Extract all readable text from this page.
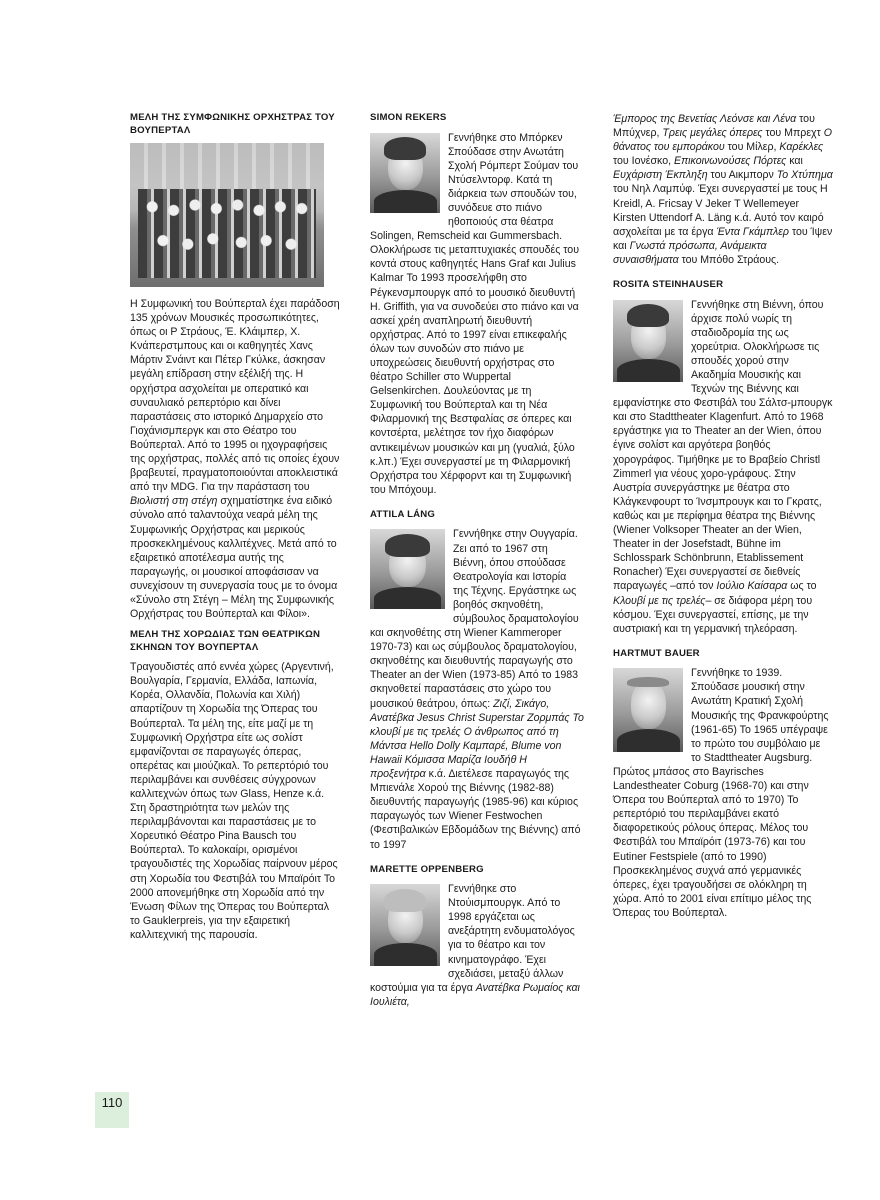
ΜΕΛΗ ΤΗΣ ΣΥΜΦΩΝΙΚΗΣ ΟΡΧΗΣΤΡΑΣ ΤΟΥ ΒΟΥΠΕΡΤΑΛ

Η Συμφωνική του Βούπερταλ έχει παράδοση 135 χρόνων Μουσικές προσωπικότητες, όπως οι Ρ Στράους, Έ. Κλάιμπερ, Χ. Κνάπερστμπους και οι καθηγητές Χανς Μάρτιν Σνάιντ και Πέτερ Γκύλκε, άσκησαν μεγάλη επίδραση στην εξέλιξή της. Η ορχήστρα ασχολείται με οπερατικό και συναυλιακό ρεπερτόριο και δίνει παραστάσεις στο ιστορικό Δημαρχείο στο Γιοχάνισμπεργκ και στο Θέατρο του Βούπερταλ. Από το 1995 οι ηχογραφήσεις της ορχήστρας, πολλές από τις οποίες έχουν βραβευτεί, πραγματοποιούνται αποκλειστικά από την MDG. Για την παράσταση του Βιολιστή στη στέγη σχηματίστηκε ένα ειδικό σύνολο από ταλαντούχα νεαρά μέλη της Συμφωνικής Ορχήστρας και μερικούς προσκεκλημένους καλλιτέχνες. Μετά από το εξαιρετικό αποτέλεσμα αυτής της παραγωγής, οι μουσικοί αποφάσισαν να συνεχίσουν τη συνεργασία τους με το όνομα «Σύνολο στη Στέγη – Μέλη της Συμφωνικής Ορχήστρας του Βούπερταλ και Φίλοι».

ΜΕΛΗ ΤΗΣ ΧΟΡΩΔΙΑΣ ΤΩΝ ΘΕΑΤΡΙΚΩΝ ΣΚΗΝΩΝ ΤΟΥ ΒΟΥΠΕΡΤΑΛ

Τραγουδιστές από εννέα χώρες (Αργεντινή, Βουλγαρία, Γερμανία, Ελλάδα, Ιαπωνία, Κορέα, Ολλανδία, Πολωνία και Χιλή) απαρτίζουν τη Χορωδία της Όπερας του Βούπερταλ. Τα μέλη της, είτε μαζί με τη Συμφωνική Ορχήστρα είτε ως σολίστ εμφανίζονται σε παραγωγές όπερας, οπερέτας και μιούζικαλ. Το ρεπερτόριό του περιλαμβάνει και συνθέσεις σύγχρονων καλλιτεχνών όπως των Glass, Henze κ.ά. Στη δραστηριότητα των μελών της περιλαμβάνονται και παραστάσεις με το Χορευτικό Θέατρο Pina Bausch του Βούπερταλ. Το καλοκαίρι, ορισμένοι τραγουδιστές της Χορωδίας παίρνουν μέρος στη Χορωδία του Φεστιβάλ του Μπαϊρόιτ Το 2000 απονεμήθηκε στη Χορωδία από την Ένωση Φίλων της Όπερας του Βούπερταλ το Gauklerpreis, για την εξαιρετική καλλιτεχνική της παρουσία.

SIMON REKERS

Γεννήθηκε στο Μπόρκεν Σπούδασε στην Ανωτάτη Σχολή Ρόμπερτ Σούμαν του Ντύσελντορφ. Κατά τη διάρκεια των σπουδών του, συνόδευε στο πιάνο ηθοποιούς στα θέατρα Solingen, Remscheid και Gummersbach. Ολοκλήρωσε τις μεταπτυχιακές σπουδές του κοντά στους καθηγητές Hans Graf και Julius Kalmar Το 1993 προσελήφθη στο Ρέγκενσμπουργκ από το μουσικό διευθυντή H. Griffith, για να συνοδεύει στο πιάνο και να ασκεί χρέη αναπληρωτή διευθυντή ορχήστρας. Από το 1997 είναι επικεφαλής όλων των συνοδών στο πιάνο με υποχρεώσεις διευθυντή ορχήστρας στο θέατρο Schiller στο Wuppertal Gelsenkirchen. Δουλεύοντας με τη Συμφωνική του Βούπερταλ και τη Νέα Φιλαρμονική της Βεστφαλίας σε όπερες και κοντσέρτα, μελέτησε τον ήχο διαφόρων αντικειμένων μουσικών και μη (γυαλιά, ξύλο κ.λπ.) Έχει συνεργαστεί με τη Φιλαρμονική Ορχήστρα του Χέρφορντ και τη Συμφωνική του Μπόχουμ.

ATTILA LÁNG

Γεννήθηκε στην Ουγγαρία. Ζει από το 1967 στη Βιέννη, όπου σπούδασε Θεατρολογία και Ιστορία της Τέχνης. Εργάστηκε ως βοηθός σκηνοθέτη, σύμβουλος δραματολογίου και σκηνοθέτης στη Wiener Kammeroper 1970-73) και ως σύμβουλος δραματολογίου, σκηνοθέτης και διευθυντής παραγωγής στο Theater an der Wien (1973-85) Από το 1983 σκηνοθετεί παραστάσεις στο χώρο του μουσικού θεάτρου, όπως: Ζιζί, Σικάγο, Ανατέβκα Jesus Christ Superstar Ζορμπάς Το κλουβί με τις τρελές Ο άνθρωπος από τη Μάντσα Hello Dolly Καμπαρέ, Blume von Hawaii Κόμισσα Μαρίζα Ιουδήθ Η προξενήτρα κ.ά. Διετέλεσε παραγωγός της Μπιενάλε Χορού της Βιέννης (1982-88) διευθυντής παραγωγής (1985-96) και κύριος παραγωγός των Wiener Festwochen (Φεστιβαλικών Εβδομάδων της Βιέννης) από το 1997

MARETTE OPPENBERG

Γεννήθηκε στο Ντούισμπουργκ. Από το 1998 εργάζεται ως ανεξάρτητη ενδυματολόγος για το θέατρο και τον κινηματογράφο. Έχει σχεδιάσει, μεταξύ άλλων κοστούμια για τα έργα Ανατέβκα Ρωμαίος και Ιουλιέτα,

Έμπορος της Βενετίας Λεόνσε και Λένα του Μπύχνερ, Τρεις μεγάλες όπερες του Μπρεχτ Ο θάνατος του εμποράκου του Μίλερ, Καρέκλες του Ιονέσκο, Επικοινωνούσες Πόρτες και Ευχάριστη Έκπληξη του Αικμπορν Το Χτύπημα του Νηλ Λαμπύφ. Έχει συνεργαστεί με τους H Kreidl, A. Fricsay V Jeker T Wellemeyer Kirsten Uttendorf A. Läng κ.ά. Αυτό τον καιρό ασχολείται με τα έργα Έντα Γκάμπλερ του Ίψεν και Γνωστά πρόσωπα, Ανάμεικτα συναισθήματα του Μπόθο Στράους.

ROSITA STEINHAUSER

Γεννήθηκε στη Βιέννη, όπου άρχισε πολύ νωρίς τη σταδιοδρομία της ως χορεύτρια. Ολοκλήρωσε τις σπουδές χορού στην Ακαδημία Μουσικής και Τεχνών της Βιέννης και εμφανίστηκε στο Φεστιβάλ του Σάλτσ-μπουργκ και στο Stadttheater Klagenfurt. Από το 1968 εργάστηκε για το Theater an der Wien, όπου έγινε σολίστ και αργότερα βοηθός χορογράφος. Τιμήθηκε με το Βραβείο Christl Zimmerl για νέους χορο-γράφους. Στην Αυστρία συνεργάστηκε με θέατρα στο Κλάγκενφουρτ το Ίνσμπρουγκ και το Γκρατς, καθώς και με περίφημα θέατρα της Βιέννης (Wiener Volksoper Theater an der Wien, Theater in der Josefstadt, Bühne im Schlosspark Schönbrunn, Etablissement Ronacher) Έχει συνεργαστεί σε διεθνείς παραγωγές –από τον Ιούλιο Καίσαρα ως το Κλουβί με τις τρελές– σε διάφορα μέρη του κόσμου. Έχει συνεργαστεί, επίσης, με την αυστριακή και τη γερμανική τηλεόραση.

HARTMUT BAUER

Γεννήθηκε το 1939. Σπούδασε μουσική στην Ανωτάτη Κρατική Σχολή Μουσικής της Φρανκφούρτης (1961-65) Το 1965 υπέγραψε το πρώτο του συμβόλαιο με το Stadttheater Augsburg. Πρώτος μπάσος στο Bayrisches Landestheater Coburg (1968-70) και στην Όπερα του Βούπερταλ από το 1970) Το ρεπερτόριό του περιλαμβάνει εκατό διαφορετικούς ρόλους όπερας. Μέλος του Φεστιβάλ του Μπαϊρόιτ (1973-76) και του Eutiner Festspiele (από το 1990) Προσκεκλημένος συχνά από γερμανικές όπερες, έχει τραγουδήσει σε ολόκληρη τη χώρα. Από το 2001 είναι επίτιμο μέλος της Όπερας του Βούπερταλ.

110
